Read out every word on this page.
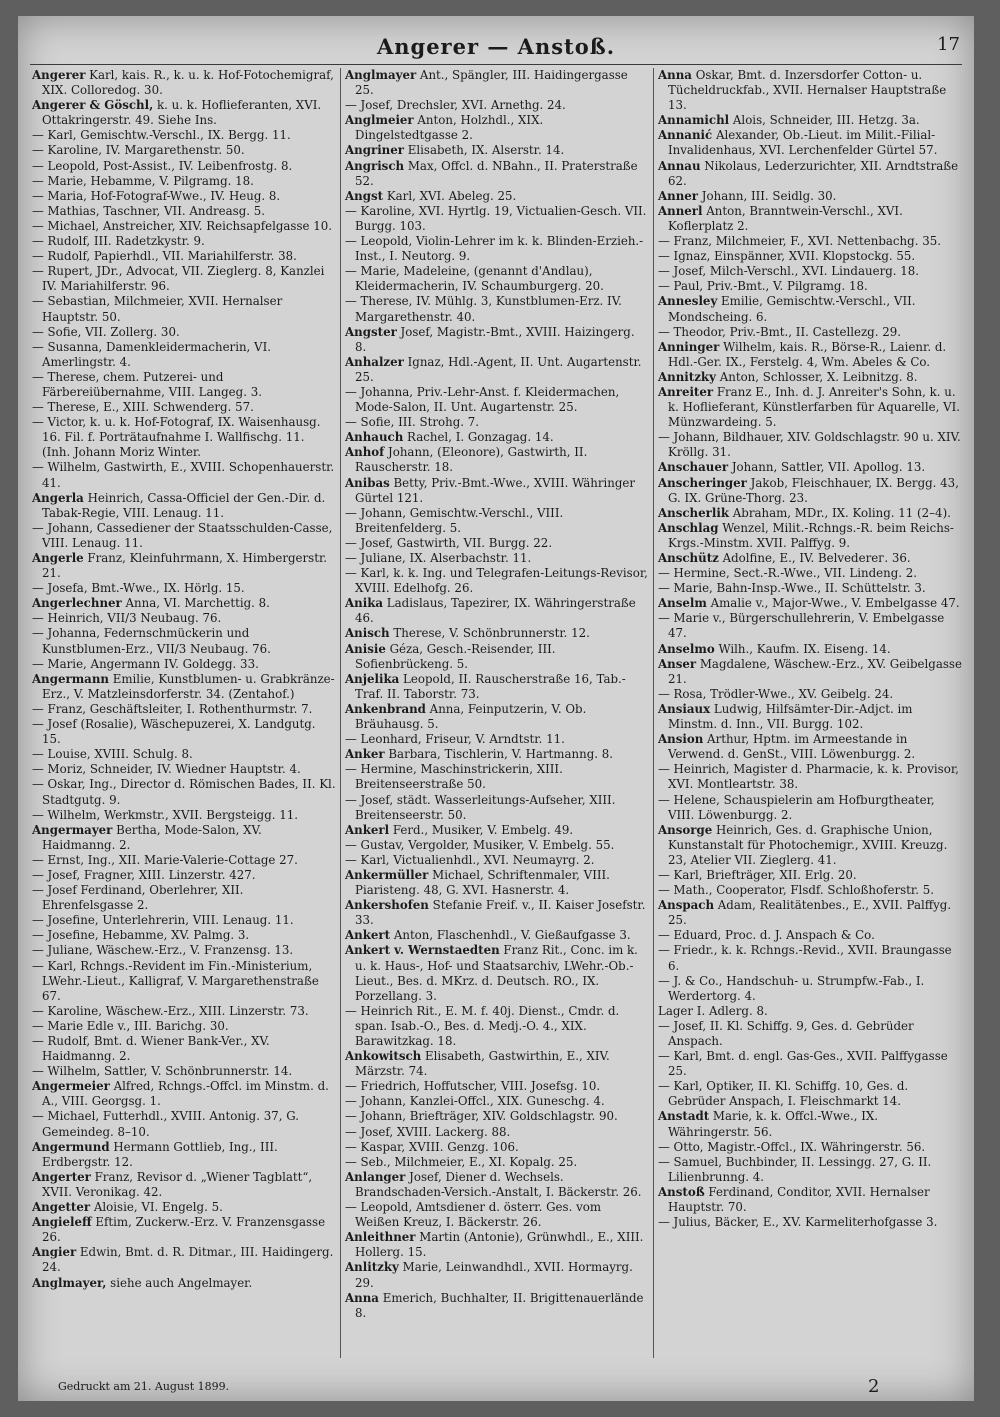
Angerer — Anstoß.	17

Angerer Karl, kais. R., k. u. k. Hof-Fotochemigraf, XIX. Colloredog. 30.

Angerer & Göschl, k. u. k. Hoflieferanten, XVI. Ottakringerstr. 49. Siehe Ins.

— Karl, Gemischtw.-Verschl., IX. Bergg. 11.

— Karoline, IV. Margarethenstr. 50.

— Leopold, Post-Assist., IV. Leibenfrostg. 8.

— Marie, Hebamme, V. Pilgramg. 18.

— Maria, Hof-Fotograf-Wwe., IV. Heug. 8.

— Mathias, Taschner, VII. Andreasg. 5.

— Michael, Anstreicher, XIV. Reichsapfelgasse 10.

— Rudolf, III. Radetzkystr. 9.

— Rudolf, Papierhdl., VII. Mariahilferstr. 38.

— Rupert, JDr., Advocat, VII. Zieglerg. 8, Kanzlei IV. Mariahilferstr. 96.

— Sebastian, Milchmeier, XVII. Hernalser Hauptstr. 50.

— Sofie, VII. Zollerg. 30.

— Susanna, Damenkleidermacherin, VI. Amerlingstr. 4.

— Therese, chem. Putzerei- und Färbereiübernahme, VIII. Langeg. 3.

— Therese, E., XIII. Schwenderg. 57.

— Victor, k. u. k. Hof-Fotograf, IX. Waisenhausg. 16. Fil. f. Porträtaufnahme I. Wallfischg. 11. (Inh. Johann Moriz Winter.

— Wilhelm, Gastwirth, E., XVIII. Schopenhauerstr. 41.

Angerla Heinrich, Cassa-Officiel der Gen.-Dir. d. Tabak-Regie, VIII. Lenaug. 11.

— Johann, Cassediener der Staatsschulden-Casse, VIII. Lenaug. 11.

Angerle Franz, Kleinfuhrmann, X. Himbergerstr. 21.

— Josefa, Bmt.-Wwe., IX. Hörlg. 15.

Angerlechner Anna, VI. Marchettig. 8.

— Heinrich, VII/3 Neubaug. 76.

— Johanna, Federnschmückerin und Kunstblumen-Erz., VII/3 Neubaug. 76.

— Marie, Angermann IV. Goldegg. 33.

Angermann Emilie, Kunstblumen- u. Grabkränze-Erz., V. Matzleinsdorferstr. 34. (Zentahof.)

— Franz, Geschäftsleiter, I. Rothenthurmstr. 7.

— Josef (Rosalie), Wäschepuzerei, X. Landgutg. 15.

— Louise, XVIII. Schulg. 8.

— Moriz, Schneider, IV. Wiedner Hauptstr. 4.

— Oskar, Ing., Director d. Römischen Bades, II. Kl. Stadtgutg. 9.

— Wilhelm, Werkmstr., XVII. Bergsteigg. 11.

Angermayer Bertha, Mode-Salon, XV. Haidmanng. 2.

— Ernst, Ing., XII. Marie-Valerie-Cottage 27.

— Josef, Fragner, XIII. Linzerstr. 427.

— Josef Ferdinand, Oberlehrer, XII. Ehrenfelsgasse 2.

— Josefine, Unterlehrerin, VIII. Lenaug. 11.

— Josefine, Hebamme, XV. Palmg. 3.

— Juliane, Wäschew.-Erz., V. Franzensg. 13.

— Karl, Rchngs.-Revident im Fin.-Ministerium, LWehr.-Lieut., Kalligraf, V. Margarethenstraße 67.

— Karoline, Wäschew.-Erz., XIII. Linzerstr. 73.

— Marie Edle v., III. Barichg. 30.

— Rudolf, Bmt. d. Wiener Bank-Ver., XV. Haidmanng. 2.

— Wilhelm, Sattler, V. Schönbrunnerstr. 14.

Angermeier Alfred, Rchngs.-Offcl. im Minstm. d. A., VIII. Georgsg. 1.

— Michael, Futterhdl., XVIII. Antonig. 37, G. Gemeindeg. 8–10.

Angermund Hermann Gottlieb, Ing., III. Erdbergstr. 12.

Angerter Franz, Revisor d. „Wiener Tagblatt“, XVII. Veronikag. 42.

Angetter Aloisie, VI. Engelg. 5.

Angieleff Eftim, Zuckerw.-Erz. V. Franzensgasse 26.

Angier Edwin, Bmt. d. R. Ditmar., III. Haidingerg. 24.

Anglmayer, siehe auch Angelmayer.

Anglmayer Ant., Spängler, III. Haidingergasse 25.

— Josef, Drechsler, XVI. Arnethg. 24.

Anglmeier Anton, Holzhdl., XIX. Dingelstedtgasse 2.

Angriner Elisabeth, IX. Alserstr. 14.

Angrisch Max, Offcl. d. NBahn., II. Praterstraße 52.

Angst Karl, XVI. Abeleg. 25.

— Karoline, XVI. Hyrtlg. 19, Victualien-Gesch. VII. Burgg. 103.

— Leopold, Violin-Lehrer im k. k. Blinden-Erzieh.-Inst., I. Neutorg. 9.

— Marie, Madeleine, (genannt d'Andlau), Kleidermacherin, IV. Schaumburgerg. 20.

— Therese, IV. Mühlg. 3, Kunstblumen-Erz. IV. Margarethenstr. 40.

Angster Josef, Magistr.-Bmt., XVIII. Haizingerg. 8.

Anhalzer Ignaz, Hdl.-Agent, II. Unt. Augartenstr. 25.

— Johanna, Priv.-Lehr-Anst. f. Kleidermachen, Mode-Salon, II. Unt. Augartenstr. 25.

— Sofie, III. Strohg. 7.

Anhauch Rachel, I. Gonzagag. 14.

Anhof Johann, (Eleonore), Gastwirth, II. Rauscherstr. 18.

Anibas Betty, Priv.-Bmt.-Wwe., XVIII. Währinger Gürtel 121.

— Johann, Gemischtw.-Verschl., VIII. Breitenfelderg. 5.

— Josef, Gastwirth, VII. Burgg. 22.

— Juliane, IX. Alserbachstr. 11.

— Karl, k. k. Ing. und Telegrafen-Leitungs-Revisor, XVIII. Edelhofg. 26.

Anika Ladislaus, Tapezirer, IX. Währingerstraße 46.

Anisch Therese, V. Schönbrunnerstr. 12.

Anisie Géza, Gesch.-Reisender, III. Sofienbrückeng. 5.

Anjelika Leopold, II. Rauscherstraße 16, Tab.-Traf. II. Taborstr. 73.

Ankenbrand Anna, Feinputzerin, V. Ob. Bräuhausg. 5.

— Leonhard, Friseur, V. Arndtstr. 11.

Anker Barbara, Tischlerin, V. Hartmanng. 8.

— Hermine, Maschinstrickerin, XIII. Breitenseerstraße 50.

— Josef, städt. Wasserleitungs-Aufseher, XIII. Breitenseerstr. 50.

Ankerl Ferd., Musiker, V. Embelg. 49.

— Gustav, Vergolder, Musiker, V. Embelg. 55.

— Karl, Victualienhdl., XVI. Neumayrg. 2.

Ankermüller Michael, Schriftenmaler, VIII. Piaristeng. 48, G. XVI. Hasnerstr. 4.

Ankershofen Stefanie Freif. v., II. Kaiser Josefstr. 33.

Ankert Anton, Flaschenhdl., V. Gießaufgasse 3.

Ankert v. Wernstaedten Franz Rit., Conc. im k. u. k. Haus-, Hof- und Staatsarchiv, LWehr.-Ob.-Lieut., Bes. d. MKrz. d. Deutsch. RO., IX. Porzellang. 3.

— Heinrich Rit., E. M. f. 40j. Dienst., Cmdr. d. span. Isab.-O., Bes. d. Medj.-O. 4., XIX. Barawitzkag. 18.

Ankowitsch Elisabeth, Gastwirthin, E., XIV. Märzstr. 74.

— Friedrich, Hoffutscher, VIII. Josefsg. 10.

— Johann, Kanzlei-Offcl., XIX. Guneschg. 4.

— Johann, Briefträger, XIV. Goldschlagstr. 90.

— Josef, XVIII. Lackerg. 88.

— Kaspar, XVIII. Genzg. 106.

— Seb., Milchmeier, E., XI. Kopalg. 25.

Anlanger Josef, Diener d. Wechsels. Brandschaden-Versich.-Anstalt, I. Bäckerstr. 26.

— Leopold, Amtsdiener d. österr. Ges. vom Weißen Kreuz, I. Bäckerstr. 26.

Anleithner Martin (Antonie), Grünwhdl., E., XIII. Hollerg. 15.

Anlitzky Marie, Leinwandhdl., XVII. Hormayrg. 29.

Anna Emerich, Buchhalter, II. Brigittenauerlände 8.

Anna Oskar, Bmt. d. Inzersdorfer Cotton- u. Tücheldruckfab., XVII. Hernalser Hauptstraße 13.

Annamichl Alois, Schneider, III. Hetzg. 3a.

Annanić Alexander, Ob.-Lieut. im Milit.-Filial-Invalidenhaus, XVI. Lerchenfelder Gürtel 57.

Annau Nikolaus, Lederzurichter, XII. Arndtstraße 62.

Anner Johann, III. Seidlg. 30.

Annerl Anton, Branntwein-Verschl., XVI. Koflerplatz 2.

— Franz, Milchmeier, F., XVI. Nettenbachg. 35.

— Ignaz, Einspänner, XVII. Klopstockg. 55.

— Josef, Milch-Verschl., XVI. Lindauerg. 18.

— Paul, Priv.-Bmt., V. Pilgramg. 18.

Annesley Emilie, Gemischtw.-Verschl., VII. Mondscheing. 6.

— Theodor, Priv.-Bmt., II. Castellezg. 29.

Anninger Wilhelm, kais. R., Börse-R., Laienr. d. Hdl.-Ger. IX., Ferstelg. 4, Wm. Abeles & Co.

Annitzky Anton, Schlosser, X. Leibnitzg. 8.

Anreiter Franz E., Inh. d. J. Anreiter's Sohn, k. u. k. Hoflieferant, Künstlerfarben für Aquarelle, VI. Münzwardeing. 5.

— Johann, Bildhauer, XIV. Goldschlagstr. 90 u. XIV. Kröllg. 31.

Anschauer Johann, Sattler, VII. Apollog. 13.

Anscheringer Jakob, Fleischhauer, IX. Bergg. 43, G. IX. Grüne-Thorg. 23.

Anscherlik Abraham, MDr., IX. Koling. 11 (2–4).

Anschlag Wenzel, Milit.-Rchngs.-R. beim Reichs-Krgs.-Minstm. XVII. Palffyg. 9.

Anschütz Adolfine, E., IV. Belvederег. 36.

— Hermine, Sect.-R.-Wwe., VII. Lindeng. 2.

— Marie, Bahn-Insp.-Wwe., II. Schüttelstr. 3.

Anselm Amalie v., Major-Wwe., V. Embelgasse 47.

— Marie v., Bürgerschullehrerin, V. Embelgasse 47.

Anselmo Wilh., Kaufm. IX. Eiseng. 14.

Anser Magdalene, Wäschew.-Erz., XV. Geibelgasse 21.

— Rosa, Trödler-Wwe., XV. Geibelg. 24.

Ansiaux Ludwig, Hilfsämter-Dir.-Adjct. im Minstm. d. Inn., VII. Burgg. 102.

Ansion Arthur, Hptm. im Armeestande in Verwend. d. GenSt., VIII. Löwenburgg. 2.

— Heinrich, Magister d. Pharmacie, k. k. Provisor, XVI. Montleartstr. 38.

— Helene, Schauspielerin am Hofburgtheater, VIII. Löwenburgg. 2.

Ansorge Heinrich, Ges. d. Graphische Union, Kunstanstalt für Photochemigr., XVIII. Kreuzg. 23, Atelier VII. Zieglerg. 41.

— Karl, Briefträger, XII. Erlg. 20.

— Math., Cooperator, Flsdf. Schloßhoferstr. 5.

Anspach Adam, Realitätenbes., E., XVII. Palffyg. 25.

— Eduard, Proc. d. J. Anspach & Co.

— Friedr., k. k. Rchngs.-Revid., XVII. Braungasse 6.

— J. & Co., Handschuh- u. Strumpfw.-Fab., I. Werdertorg. 4.

Lager I. Adlerg. 8.

— Josef, II. Kl. Schiffg. 9, Ges. d. Gebrüder Anspach.

— Karl, Bmt. d. engl. Gas-Ges., XVII. Palffygasse 25.

— Karl, Optiker, II. Kl. Schiffg. 10, Ges. d. Gebrüder Anspach, I. Fleischmarkt 14.

Anstadt Marie, k. k. Offcl.-Wwe., IX. Währingerstr. 56.

— Otto, Magistr.-Offcl., IX. Währingerstr. 56.

— Samuel, Buchbinder, II. Lessingg. 27, G. II. Lilienbrunng. 4.

Anstoß Ferdinand, Conditor, XVII. Hernalser Hauptstr. 70.

— Julius, Bäcker, E., XV. Karmeliterhofgasse 3.

Gedruckt am 21. August 1899.	2
